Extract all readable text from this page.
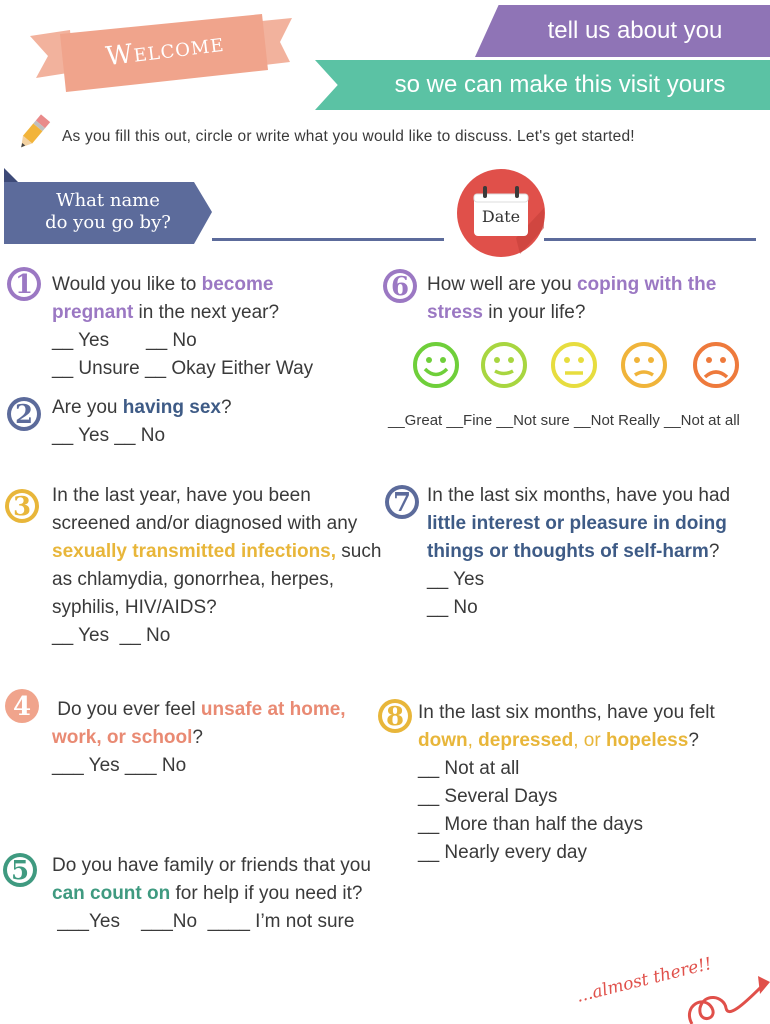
Welcome	tell us about you
so we can make this visit yours
As you fill this out, circle or write what you would like to discuss. Let's get started!
What name
do you go by?	Date
1 Would you like to become pregnant in the next year?
__ Yes       __ No
__ Unsure __ Okay Either Way
2 Are you having sex?
__ Yes __ No
3 In the last year, have you been screened and/or diagnosed with any sexually transmitted infections, such as chlamydia, gonorrhea, herpes, syphilis, HIV/AIDS?
__ Yes  __ No
4 Do you ever feel unsafe at home, work, or school?
___ Yes ___ No
5 Do you have family or friends that you can count on for help if you need it?
___Yes    ___No  ____ I’m not sure
6 How well are you coping with the stress in your life?
__Great __Fine __Not sure __Not Really __Not at all
7 In the last six months, have you had little interest or pleasure in doing things or thoughts of self-harm?
__ Yes
__ No
8 In the last six months, have you felt down, depressed, or hopeless?
__ Not at all
__ Several Days
__ More than half the days
__ Nearly every day
...almost there!!
